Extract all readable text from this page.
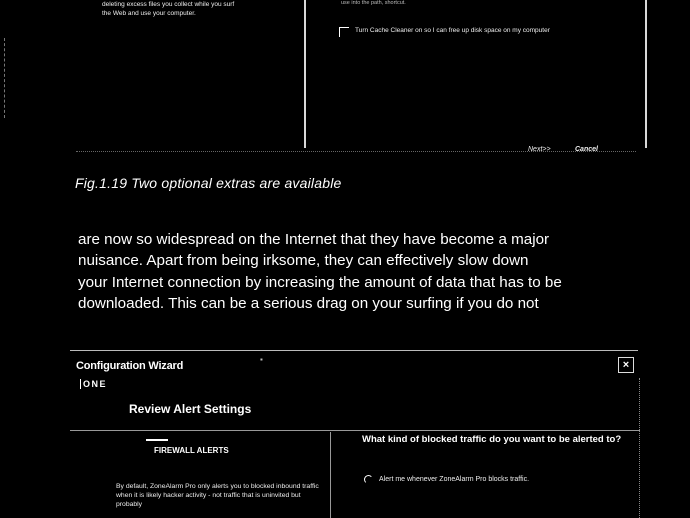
deleting excess files you collect while you surf
the Web and use your computer.
use into the path, shortcut.
Turn Cache Cleaner on so I can free up disk space on my computer
Next>>	Cancel
Fig.1.19 Two optional extras are available

are now so widespread on the Internet that they have become a major

nuisance. Apart from being irksome, they can effectively slow down

your Internet connection by increasing the amount of data that has to be

downloaded. This can be a serious drag on your surfing if you do not

Configuration Wizard
▪	×
ONE
Review Alert Settings
FIREWALL ALERTS
By default, ZoneAlarm Pro only alerts you to blocked inbound traffic when it is likely hacker activity - not traffic that is uninvited but probably
What kind of blocked traffic do you want to be alerted to?
Alert me whenever ZoneAlarm Pro blocks traffic.
